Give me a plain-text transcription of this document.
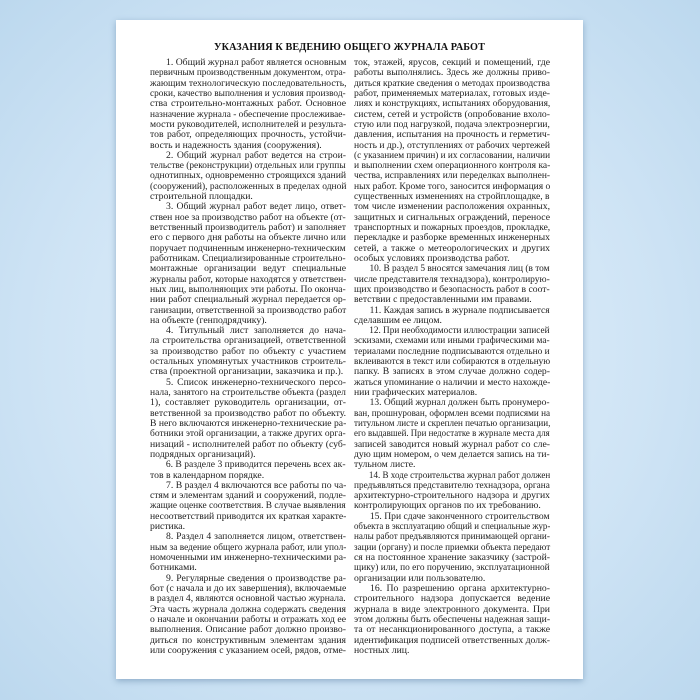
УКАЗАНИЯ К ВЕДЕНИЮ ОБЩЕГО ЖУРНАЛА РАБОТ
1. Общий журнал работ является основным
первичным производственным документом, отра-
жающим технологическую последовательность,
сроки, качество выполнения и условия производ-
ства строительно-монтажных работ. Основное
назначение журнала - обеспечение прослеживае-
мости руководителей, исполнителей и результа-
тов работ, определяющих прочность, устойчи-
вость и надежность здания (сооружения).
2. Общий журнал работ ведется на строи-
тельстве (реконструкции) отдельных или группы
однотипных, одновременно строящихся зданий
(сооружений), расположенных в пределах одной
строительной площадки.
3. Общий журнал работ ведет лицо, ответ-
ствен ное за производство работ на объекте (от-
ветственный производитель работ) и заполняет
его с первого дня работы на объекте лично или
поручает подчиненным инженерно-техническим
работникам. Специализированные строительно-
монтажные организации ведут специальные
журналы работ, которые находятся у ответствен-
ных лиц, выполняющих эти работы. По оконча-
нии работ специальный журнал передается ор-
ганизации, ответственной за производство работ
на объекте (генподрядчику).
4. Титульный лист заполняется до нача-
ла строительства организацией, ответственной
за производство работ по объекту с участием
остальных упомянутых участников строитель-
ства (проектной организации, заказчика и пр.).
5. Список инженерно-технического персо-
нала, занятого на строительстве объекта (раздел
1), составляет руководитель организации, от-
ветственной за производство работ по объекту.
В него включаются инженерно-технические ра-
ботники этой организации, а также других орга-
низаций - исполнителей работ по объекту (суб-
подрядных организаций).
6. В разделе 3 приводится перечень всех ак-
тов в календарном порядке.
7. В раздел 4 включаются все работы по ча-
стям и элементам зданий и сооружений, подле-
жащие оценке соответствия. В случае выявления
несоответствий приводится их краткая характе-
ристика.
8. Раздел 4 заполняется лицом, ответствен-
ным за ведение общего журнала работ, или упол-
номоченными им инженерно-техническими ра-
ботниками.
9. Регулярные сведения о производстве ра-
бот (с начала и до их завершения), включаемые
в раздел 4, являются основной частью журнала.
Эта часть журнала должна содержать сведения
о начале и окончании работы и отражать ход ее
выполнения. Описание работ должно произво-
диться по конструктивным элементам здания
или сооружения с указанием осей, рядов, отме-
ток, этажей, ярусов, секций и помещений, где
работы выполнялись. Здесь же должны приво-
диться краткие сведения о методах производства
работ, применяемых материалах, готовых изде-
лиях и конструкциях, испытаниях оборудования,
систем, сетей и устройств (опробование вхоло-
стую или под нагрузкой, подача электроэнергии,
давления, испытания на прочность и герметич-
ность и др.), отступлениях от рабочих чертежей
(с указанием причин) и их согласовании, наличии
и выполнении схем операционного контроля ка-
чества, исправлениях или переделках выполнен-
ных работ. Кроме того, заносится информация о
существенных изменениях на стройплощадке, в
том числе изменении расположения охранных,
защитных и сигнальных ограждений, переносе
транспортных и пожарных проездов, прокладке,
перекладке и разборке временных инженерных
сетей, а также о метеорологических и других
особых условиях производства работ.
10. В раздел 5 вносятся замечания лиц (в том
числе представителя технадзора), контролирую-
щих производство и безопасность работ в соот-
ветствии с предоставленными им правами.
11. Каждая запись в журнале подписывается
сделавшим ее лицом.
12. При необходимости иллюстрации записей
эскизами, схемами или иными графическими ма-
териалами последние подписываются отдельно и
вклеиваются в текст или собираются в отдельную
папку. В записях в этом случае должно содер-
жаться упоминание о наличии и место нахожде-
нии графических материалов.
13. Общий журнал должен быть пронумеро-
ван, прошнурован, оформлен всеми подписями на
титульном листе и скреплен печатью организации,
его выдавшей. При недостатке в журнале места для
записей заводится новый журнал работ со сле-
дую щим номером, о чем делается запись на ти-
тульном листе.
14. В ходе строительства журнал работ должен
предъявляться представителю технадзора, органа
архитектурно-строительного надзора и других
контролирующих органов по их требованию.
15. При сдаче законченного строительством
объекта в эксплуатацию общий и специальные жур-
налы работ предъявляются принимающей органи-
зации (органу) и после приемки объекта передают
ся на постоянное хранение заказчику (застрой-
щику) или, по его поручению, эксплуатационной
организации или пользователю.
16. По разрешению органа архитектурно-
строительного надзора допускается ведение
журнала в виде электронного документа. При
этом должны быть обеспечены надежная защи-
та от несанкционированного доступа, а также
идентификация подписей ответственных долж-
ностных лиц.
